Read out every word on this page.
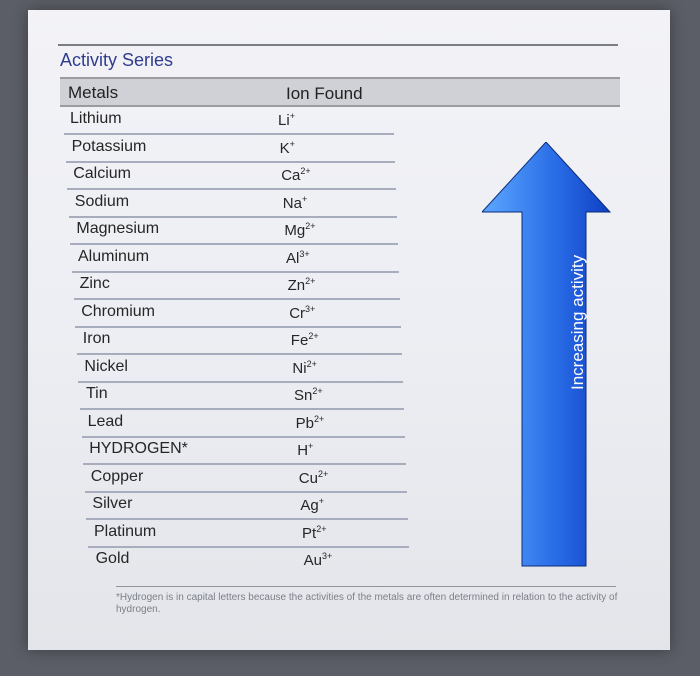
Activity Series
Metals	Ion Found
Lithium	Li+
Potassium	K+
Calcium	$Ca^{2+}$
Sodium	Na+
Magnesium	$Mg^{2+}$
Aluminum	$Al^{3+}$
Zinc	$Zn^{2+}$
Chromium	$Cr^{3+}$
Iron	$Fe^{2+}$
Nickel	$Ni^{2+}$
Tin	$Sn^{2+}$
Lead	$Pb^{2+}$
HYDROGEN*	H+
Copper	$Cu^{2+}$
Silver	Ag+
Platinum	$Pt^{2+}$
Gold	$Au^{3+}$
Increasing activity
*Hydrogen is in capital letters because the activities of the metals are often determined in relation to the activity of hydrogen.
